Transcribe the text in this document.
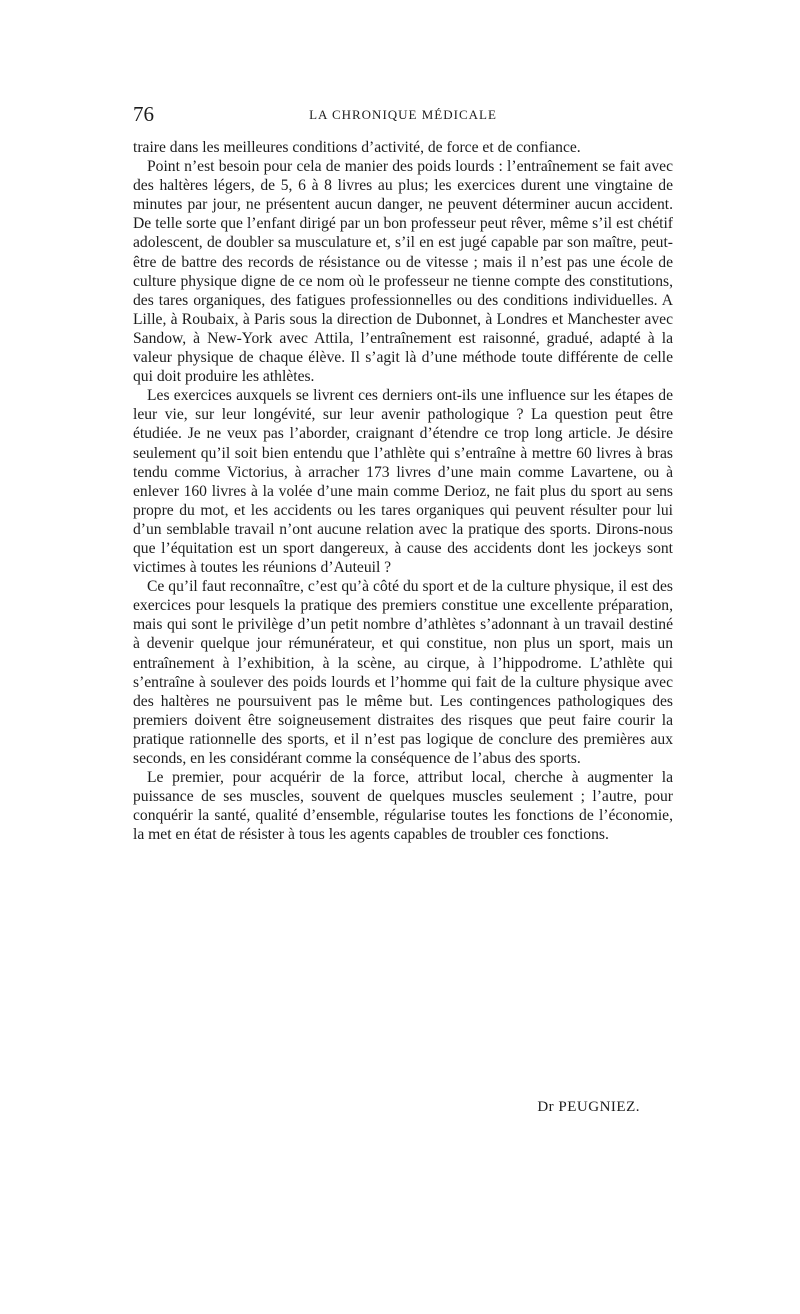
76	LA CHRONIQUE MÉDICALE

traire dans les meilleures conditions d’activité, de force et de confiance.

Point n’est besoin pour cela de manier des poids lourds : l’entraînement se fait avec des haltères légers, de 5, 6 à 8 livres au plus; les exercices durent une vingtaine de minutes par jour, ne présentent aucun danger, ne peuvent déterminer aucun accident. De telle sorte que l’enfant dirigé par un bon professeur peut rêver, même s’il est chétif adolescent, de doubler sa musculature et, s’il en est jugé capable par son maître, peut-être de battre des records de résistance ou de vitesse ; mais il n’est pas une école de culture physique digne de ce nom où le professeur ne tienne compte des constitutions, des tares organiques, des fatigues professionnelles ou des conditions individuelles. A Lille, à Roubaix, à Paris sous la direction de Dubonnet, à Londres et Manchester avec Sandow, à New-York avec Attila, l’entraînement est raisonné, gradué, adapté à la valeur physique de chaque élève. Il s’agit là d’une méthode toute différente de celle qui doit produire les athlètes.

Les exercices auxquels se livrent ces derniers ont-ils une influence sur les étapes de leur vie, sur leur longévité, sur leur avenir pathologique ? La question peut être étudiée. Je ne veux pas l’aborder, craignant d’étendre ce trop long article. Je désire seulement qu’il soit bien entendu que l’athlète qui s’entraîne à mettre 60 livres à bras tendu comme Victorius, à arracher 173 livres d’une main comme Lavartene, ou à enlever 160 livres à la volée d’une main comme Derioz, ne fait plus du sport au sens propre du mot, et les accidents ou les tares organiques qui peuvent résulter pour lui d’un semblable travail n’ont aucune relation avec la pratique des sports. Dirons-nous que l’équitation est un sport dangereux, à cause des accidents dont les jockeys sont victimes à toutes les réunions d’Auteuil ?

Ce qu’il faut reconnaître, c’est qu’à côté du sport et de la culture physique, il est des exercices pour lesquels la pratique des premiers constitue une excellente préparation, mais qui sont le privilège d’un petit nombre d’athlètes s’adonnant à un travail destiné à devenir quelque jour rémunérateur, et qui constitue, non plus un sport, mais un entraînement à l’exhibition, à la scène, au cirque, à l’hippodrome. L’athlète qui s’entraîne à soulever des poids lourds et l’homme qui fait de la culture physique avec des haltères ne poursuivent pas le même but. Les contingences pathologiques des premiers doivent être soigneusement distraites des risques que peut faire courir la pratique rationnelle des sports, et il n’est pas logique de conclure des premières aux seconds, en les considérant comme la conséquence de l’abus des sports.

Le premier, pour acquérir de la force, attribut local, cherche à augmenter la puissance de ses muscles, souvent de quelques muscles seulement ; l’autre, pour conquérir la santé, qualité d’ensemble, régularise toutes les fonctions de l’économie, la met en état de résister à tous les agents capables de troubler ces fonctions.

Dr PEUGNIEZ.
